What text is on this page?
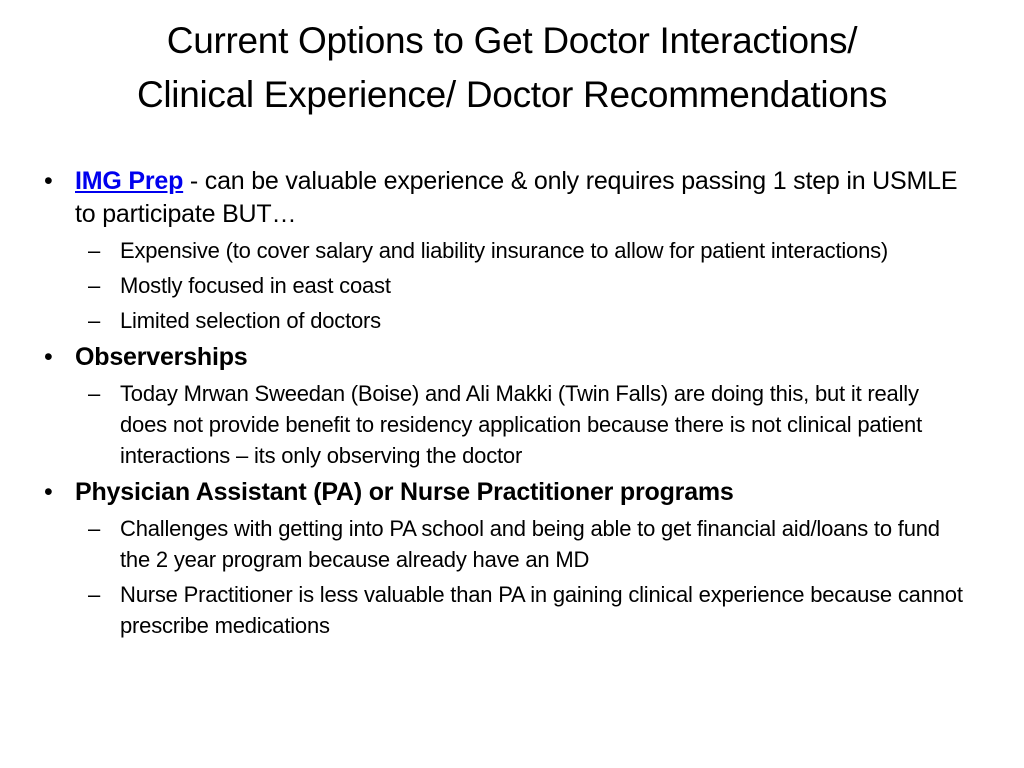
Current Options to Get Doctor Interactions/
Clinical Experience/ Doctor Recommendations
• IMG Prep - can be valuable experience & only requires passing 1 step in USMLE to participate BUT…
– Expensive (to cover salary and liability insurance to allow for patient interactions)
– Mostly focused in east coast
– Limited selection of doctors
• Observerships
– Today Mrwan Sweedan (Boise) and Ali Makki (Twin Falls) are doing this, but it really does not provide benefit to residency application because there is not clinical patient interactions – its only observing the doctor
• Physician Assistant (PA) or Nurse Practitioner programs
– Challenges with getting into PA school and being able to get financial aid/loans to fund the 2 year program because already have an MD
– Nurse Practitioner is less valuable than PA in gaining clinical experience because cannot prescribe medications
